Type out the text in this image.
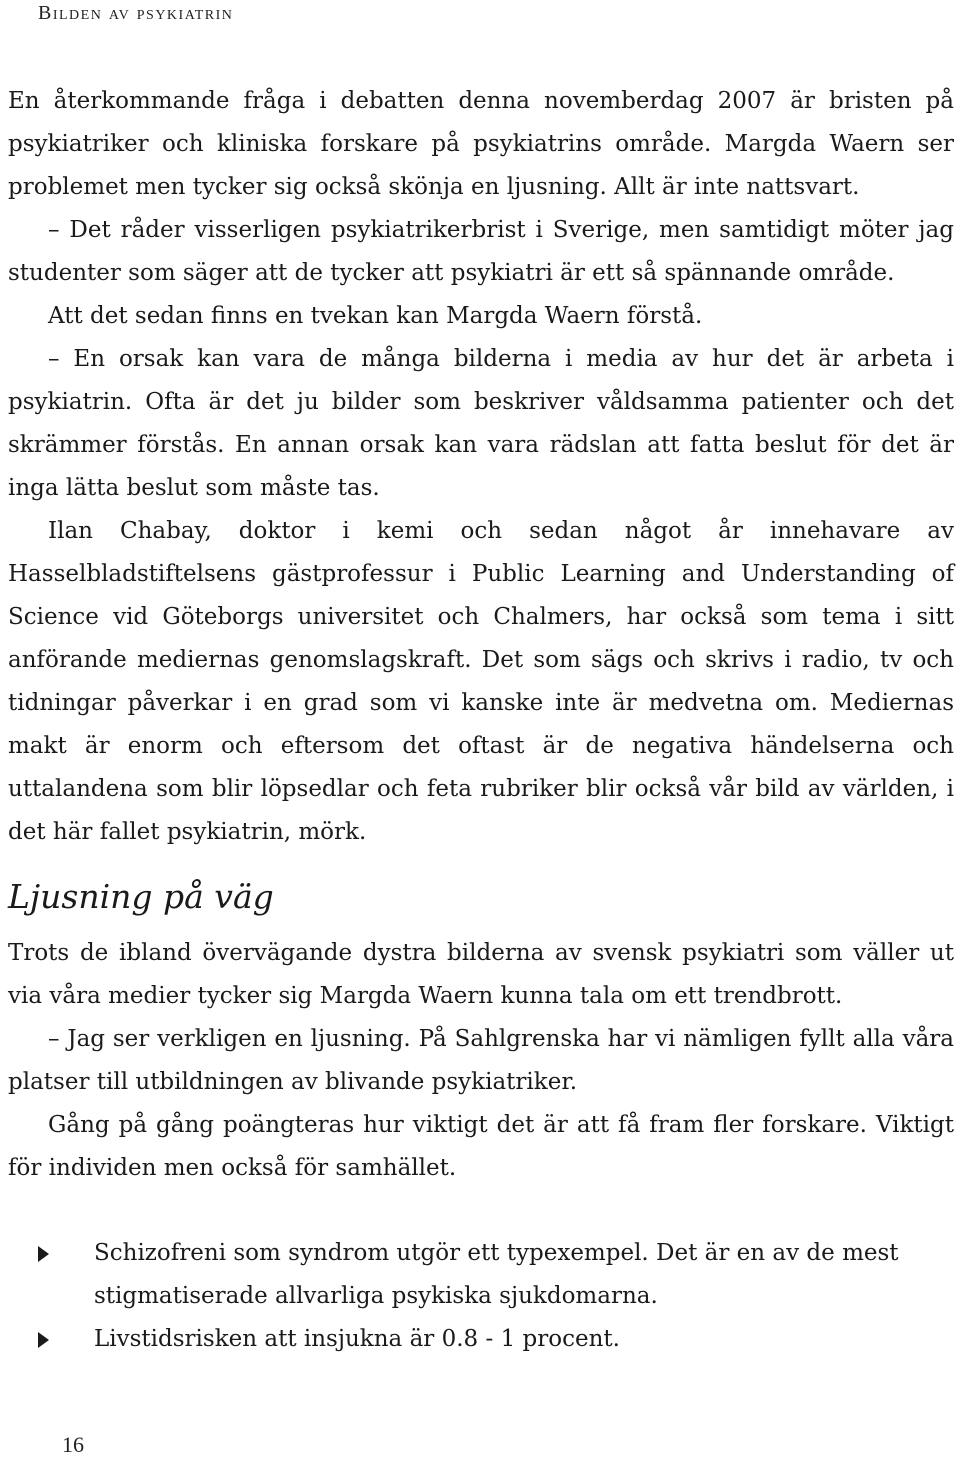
Bilden av psykiatrin

En återkommande fråga i debatten denna novemberdag 2007 är bristen på psykiatriker och kliniska forskare på psykiatrins område. Margda Waern ser problemet men tycker sig också skönja en ljusning. Allt är inte nattsvart.

– Det råder visserligen psykiatrikerbrist i Sverige, men samtidigt möter jag studenter som säger att de tycker att psykiatri är ett så spännande område.

Att det sedan finns en tvekan kan Margda Waern förstå.

– En orsak kan vara de många bilderna i media av hur det är arbeta i psykiatrin. Ofta är det ju bilder som beskriver våldsamma patienter och det skrämmer förstås. En annan orsak kan vara rädslan att fatta beslut för det är inga lätta beslut som måste tas.

Ilan Chabay, doktor i kemi och sedan något år innehavare av Hasselbladstiftelsens gästprofessur i Public Learning and Understanding of Science vid Göteborgs universitet och Chalmers, har också som tema i sitt anförande mediernas genomslagskraft. Det som sägs och skrivs i radio, tv och tidningar påverkar i en grad som vi kanske inte är medvetna om. Mediernas makt är enorm och eftersom det oftast är de negativa händelserna och uttalandena som blir löpsedlar och feta rubriker blir också vår bild av världen, i det här fallet psykiatrin, mörk.

Ljusning på väg

Trots de ibland övervägande dystra bilderna av svensk psykiatri som väller ut via våra medier tycker sig Margda Waern kunna tala om ett trendbrott.

– Jag ser verkligen en ljusning. På Sahlgrenska har vi nämligen fyllt alla våra platser till utbildningen av blivande psykiatriker.

Gång på gång poängteras hur viktigt det är att få fram fler forskare. Viktigt för individen men också för samhället.

Schizofreni som syndrom utgör ett typexempel. Det är en av de mest stigmatiserade allvarliga psykiska sjukdomarna.
Livstidsrisken att insjukna är 0.8 - 1 procent.
16
